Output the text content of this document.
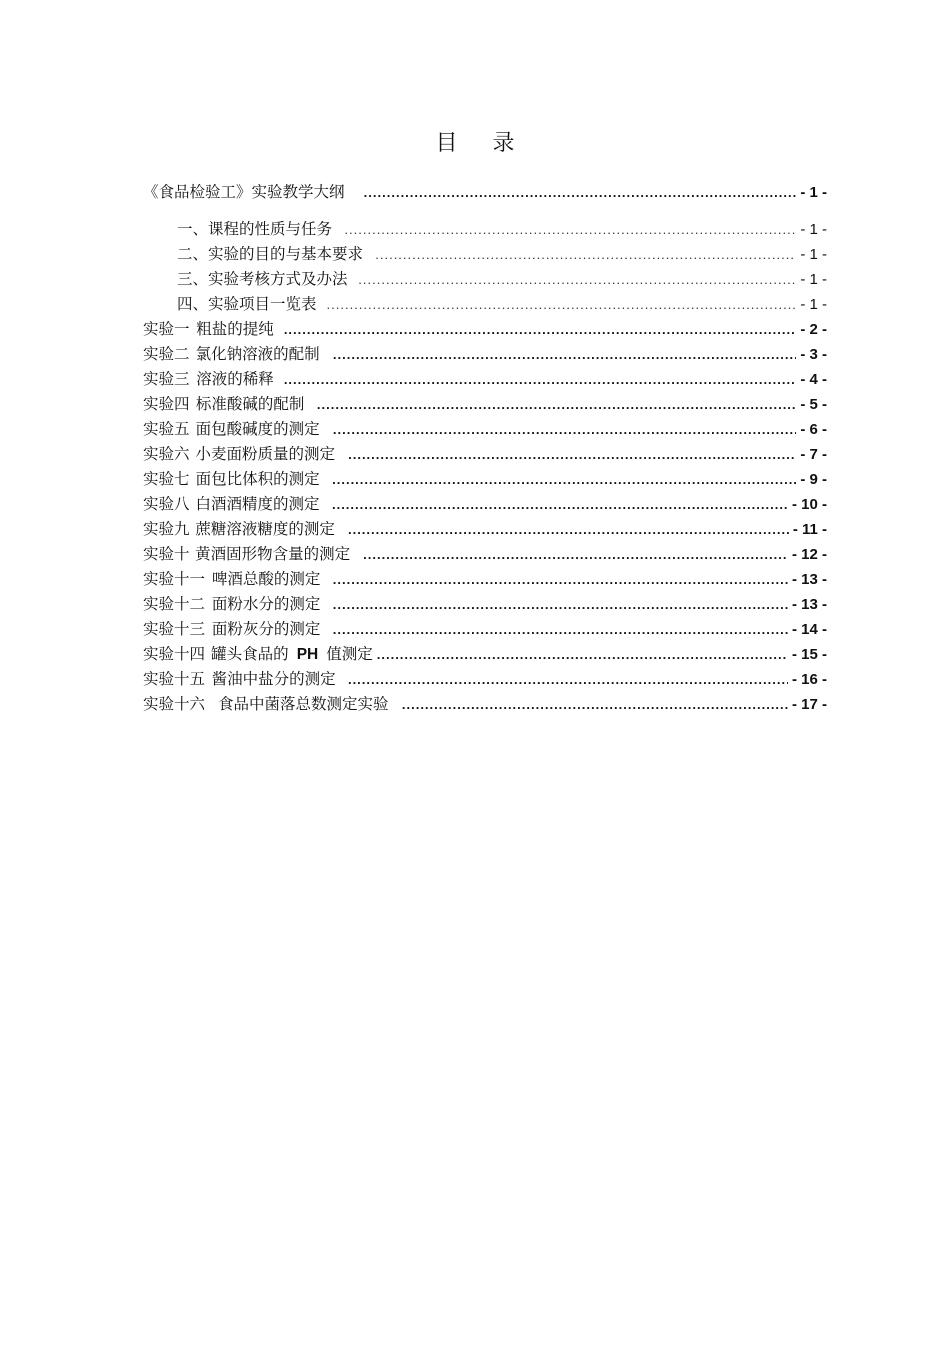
目 录
《食品检验工》实验教学大纲 .....	- 1 -
一、课程的性质与任务 .....	- 1 -
二、实验的目的与基本要求 .....	- 1 -
三、实验考核方式及办法 .....	- 1 -
四、实验项目一览表 .....	- 1 -
实验一 粗盐的提纯 .....	- 2 -
实验二 氯化钠溶液的配制 .....	- 3 -
实验三 溶液的稀释 .....	- 4 -
实验四 标准酸碱的配制 .....	- 5 -
实验五 面包酸碱度的测定 .....	- 6 -
实验六 小麦面粉质量的测定 .....	- 7 -
实验七 面包比体积的测定 .....	- 9 -
实验八 白酒酒精度的测定 .....	- 10 -
实验九 蔗糖溶液糖度的测定 .....	- 11 -
实验十 黄酒固形物含量的测定 .....	- 12 -
实验十一 啤酒总酸的测定 .....	- 13 -
实验十二 面粉水分的测定 .....	- 13 -
实验十三 面粉灰分的测定 .....	- 14 -
实验十四 罐头食品的 PH 值测定 .....	- 15 -
实验十五 酱油中盐分的测定 .....	- 16 -
实验十六 食品中菌落总数测定实验 .....	- 17 -
